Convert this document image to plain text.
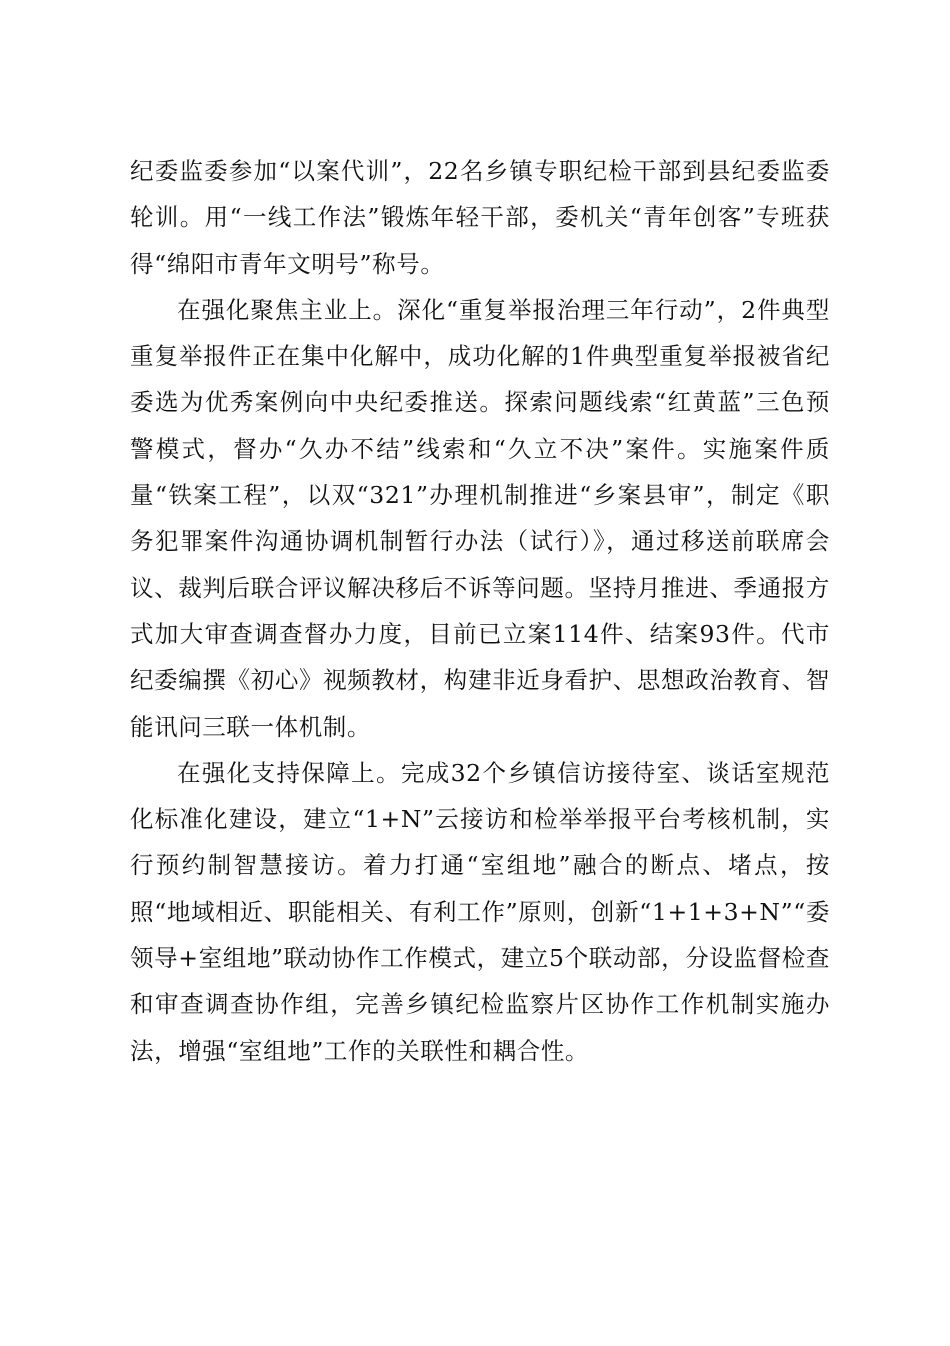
纪委监委参加“以案代训”，22名乡镇专职纪检干部到县纪委监委轮训。用“一线工作法”锻炼年轻干部，委机关“青年创客”专班获得“绵阳市青年文明号”称号。

在强化聚焦主业上。深化“重复举报治理三年行动”，2件典型重复举报件正在集中化解中，成功化解的1件典型重复举报被省纪委选为优秀案例向中央纪委推送。探索问题线索“红黄蓝”三色预警模式，督办“久办不结”线索和“久立不决”案件。实施案件质量“铁案工程”，以双“321”办理机制推进“乡案县审”，制定《职务犯罪案件沟通协调机制暂行办法（试行）》，通过移送前联席会议、裁判后联合评议解决移后不诉等问题。坚持月推进、季通报方式加大审查调查督办力度，目前已立案114件、结案93件。代市纪委编撰《初心》视频教材，构建非近身看护、思想政治教育、智能讯问三联一体机制。

在强化支持保障上。完成32个乡镇信访接待室、谈话室规范化标准化建设，建立“1+N”云接访和检举举报平台考核机制，实行预约制智慧接访。着力打通“室组地”融合的断点、堵点，按照“地域相近、职能相关、有利工作”原则，创新“1+1+3+N”“委领导+室组地”联动协作工作模式，建立5个联动部，分设监督检查和审查调查协作组，完善乡镇纪检监察片区协作工作机制实施办法，增强“室组地”工作的关联性和耦合性。
